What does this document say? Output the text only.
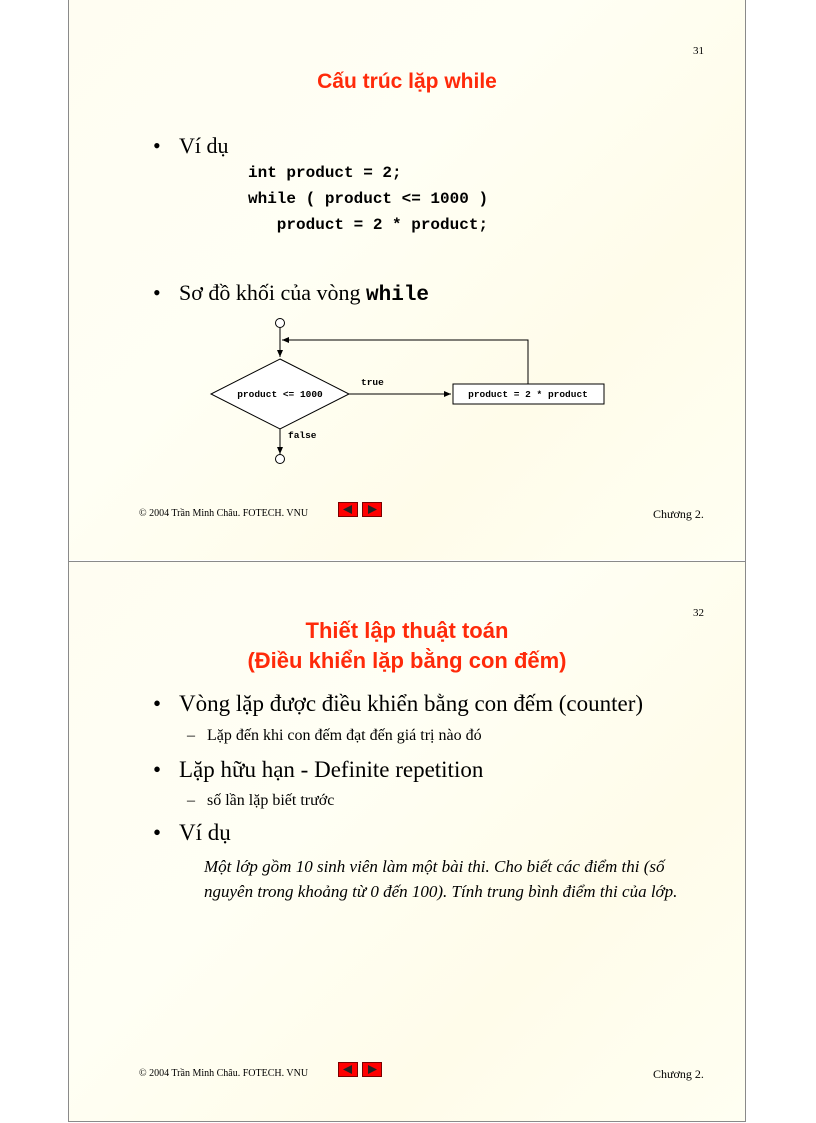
31
Cấu trúc lặp while
• Ví dụ
int product = 2;
while ( product <= 1000 )
product = 2 * product;
• Sơ đồ khối của vòng while
product <= 1000
true
product = 2 * product
false
© 2004 Trần Minh Châu. FOTECH. VNU	Chương 2.
32
Thiết lập thuật toán
(Điều khiển lặp bằng con đếm)
• Vòng lặp được điều khiển bằng con đếm (counter)
– Lặp đến khi con đếm đạt đến giá trị nào đó
• Lặp hữu hạn - Definite repetition
– số lần lặp biết trước
• Ví dụ
Một lớp gồm 10 sinh viên làm một bài thi. Cho biết các điểm thi (số nguyên trong khoảng từ 0 đến 100). Tính trung bình điểm thi của lớp.
© 2004 Trần Minh Châu. FOTECH. VNU	Chương 2.
